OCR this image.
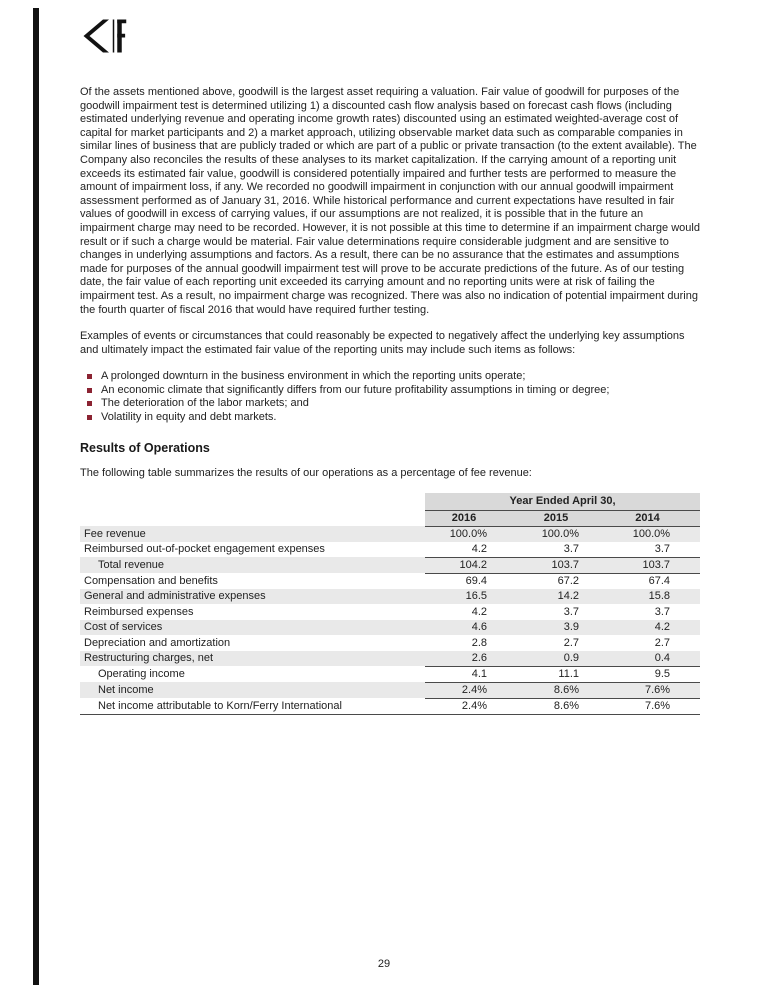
Of the assets mentioned above, goodwill is the largest asset requiring a valuation. Fair value of goodwill for purposes of the goodwill impairment test is determined utilizing 1) a discounted cash flow analysis based on forecast cash flows (including estimated underlying revenue and operating income growth rates) discounted using an estimated weighted-average cost of capital for market participants and 2) a market approach, utilizing observable market data such as comparable companies in similar lines of business that are publicly traded or which are part of a public or private transaction (to the extent available). The Company also reconciles the results of these analyses to its market capitalization. If the carrying amount of a reporting unit exceeds its estimated fair value, goodwill is considered potentially impaired and further tests are performed to measure the amount of impairment loss, if any. We recorded no goodwill impairment in conjunction with our annual goodwill impairment assessment performed as of January 31, 2016. While historical performance and current expectations have resulted in fair values of goodwill in excess of carrying values, if our assumptions are not realized, it is possible that in the future an impairment charge may need to be recorded. However, it is not possible at this time to determine if an impairment charge would result or if such a charge would be material. Fair value determinations require considerable judgment and are sensitive to changes in underlying assumptions and factors. As a result, there can be no assurance that the estimates and assumptions made for purposes of the annual goodwill impairment test will prove to be accurate predictions of the future. As of our testing date, the fair value of each reporting unit exceeded its carrying amount and no reporting units were at risk of failing the impairment test. As a result, no impairment charge was recognized. There was also no indication of potential impairment during the fourth quarter of fiscal 2016 that would have required further testing.

Examples of events or circumstances that could reasonably be expected to negatively affect the underlying key assumptions and ultimately impact the estimated fair value of the reporting units may include such items as follows:

A prolonged downturn in the business environment in which the reporting units operate;
An economic climate that significantly differs from our future profitability assumptions in timing or degree;
The deterioration of the labor markets; and
Volatility in equity and debt markets.
Results of Operations

The following table summarizes the results of our operations as a percentage of fee revenue:

	Year Ended April 30,		
	2016	2015	2014
Fee revenue	100.0%	100.0%	100.0%
Reimbursed out-of-pocket engagement expenses	4.2	3.7	3.7
Total revenue	104.2	103.7	103.7
Compensation and benefits	69.4	67.2	67.4
General and administrative expenses	16.5	14.2	15.8
Reimbursed expenses	4.2	3.7	3.7
Cost of services	4.6	3.9	4.2
Depreciation and amortization	2.8	2.7	2.7
Restructuring charges, net	2.6	0.9	0.4
Operating income	4.1	11.1	9.5
Net income	2.4%	8.6%	7.6%
Net income attributable to Korn/Ferry International	2.4%	8.6%	7.6%
29
